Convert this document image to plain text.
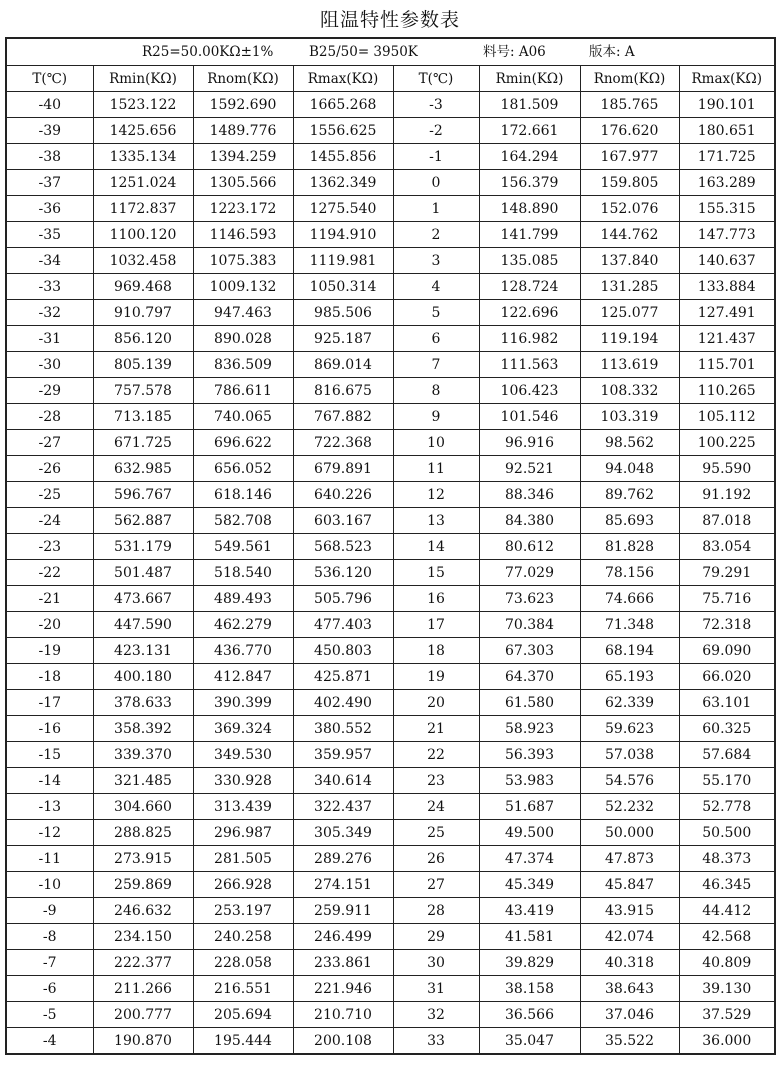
阻温特性参数表
R25=50.00KΩ±1% B25/50= 3950K 料号: A06 版本: A							

T(℃)	Rmin(KΩ)	Rnom(KΩ)	Rmax(KΩ)	T(℃)	Rmin(KΩ)	Rnom(KΩ)	Rmax(KΩ)
-40	1523.122	1592.690	1665.268	-3	181.509	185.765	190.101
-39	1425.656	1489.776	1556.625	-2	172.661	176.620	180.651
-38	1335.134	1394.259	1455.856	-1	164.294	167.977	171.725
-37	1251.024	1305.566	1362.349	0	156.379	159.805	163.289
-36	1172.837	1223.172	1275.540	1	148.890	152.076	155.315
-35	1100.120	1146.593	1194.910	2	141.799	144.762	147.773
-34	1032.458	1075.383	1119.981	3	135.085	137.840	140.637
-33	969.468	1009.132	1050.314	4	128.724	131.285	133.884
-32	910.797	947.463	985.506	5	122.696	125.077	127.491
-31	856.120	890.028	925.187	6	116.982	119.194	121.437
-30	805.139	836.509	869.014	7	111.563	113.619	115.701
-29	757.578	786.611	816.675	8	106.423	108.332	110.265
-28	713.185	740.065	767.882	9	101.546	103.319	105.112
-27	671.725	696.622	722.368	10	96.916	98.562	100.225
-26	632.985	656.052	679.891	11	92.521	94.048	95.590
-25	596.767	618.146	640.226	12	88.346	89.762	91.192
-24	562.887	582.708	603.167	13	84.380	85.693	87.018
-23	531.179	549.561	568.523	14	80.612	81.828	83.054
-22	501.487	518.540	536.120	15	77.029	78.156	79.291
-21	473.667	489.493	505.796	16	73.623	74.666	75.716
-20	447.590	462.279	477.403	17	70.384	71.348	72.318
-19	423.131	436.770	450.803	18	67.303	68.194	69.090
-18	400.180	412.847	425.871	19	64.370	65.193	66.020
-17	378.633	390.399	402.490	20	61.580	62.339	63.101
-16	358.392	369.324	380.552	21	58.923	59.623	60.325
-15	339.370	349.530	359.957	22	56.393	57.038	57.684
-14	321.485	330.928	340.614	23	53.983	54.576	55.170
-13	304.660	313.439	322.437	24	51.687	52.232	52.778
-12	288.825	296.987	305.349	25	49.500	50.000	50.500
-11	273.915	281.505	289.276	26	47.374	47.873	48.373
-10	259.869	266.928	274.151	27	45.349	45.847	46.345
-9	246.632	253.197	259.911	28	43.419	43.915	44.412
-8	234.150	240.258	246.499	29	41.581	42.074	42.568
-7	222.377	228.058	233.861	30	39.829	40.318	40.809
-6	211.266	216.551	221.946	31	38.158	38.643	39.130
-5	200.777	205.694	210.710	32	36.566	37.046	37.529
-4	190.870	195.444	200.108	33	35.047	35.522	36.000
